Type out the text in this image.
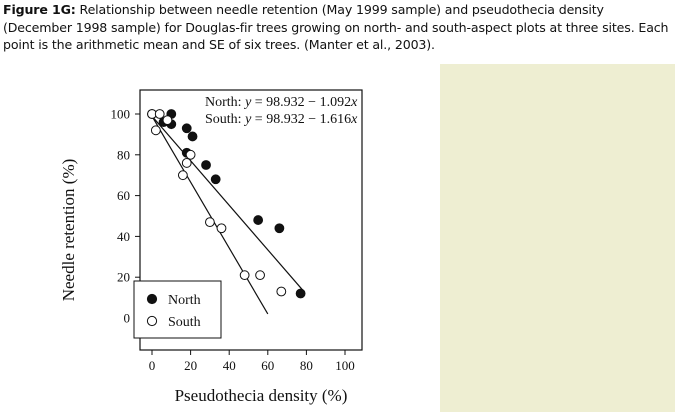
Figure 1G: Relationship between needle retention (May 1999 sample) and pseudothecia density (December 1998 sample) for Douglas-fir trees growing on north- and south-aspect plots at three sites. Each point is the arithmetic mean and SE of six trees. (Manter et al., 2003).
0 20 40 60 80 100
0
20
40
60
80
100
Pseudothecia density (%)
Needle retention (%)	North
South
North: y = 98.932 − 1.092x
South: y = 98.932 − 1.616x
